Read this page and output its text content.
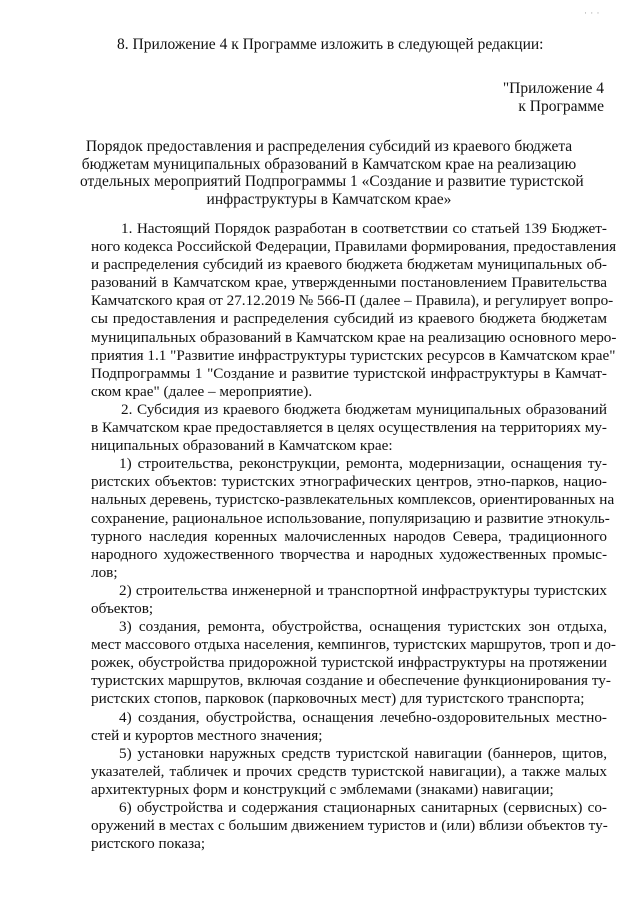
· · ·
8. Приложение 4 к Программе изложить в следующей редакции:
"Приложение 4
к Программе
Порядок предоставления и распределения субсидий из краевого бюджета
бюджетам муниципальных образований в Камчатском крае на реализацию
отдельных мероприятий Подпрограммы 1 «Создание и развитие туристской
инфраструктуры в Камчатском крае»
1. Настоящий Порядок разработан в соответствии со статьей 139 Бюджет-
ного кодекса Российской Федерации, Правилами формирования, предоставления
и распределения субсидий из краевого бюджета бюджетам муниципальных об-
разований в Камчатском крае, утвержденными постановлением Правительства
Камчатского края от 27.12.2019 № 566-П (далее – Правила), и регулирует вопро-
сы предоставления и распределения субсидий из краевого бюджета бюджетам
муниципальных образований в Камчатском крае на реализацию основного меро-
приятия 1.1 "Развитие инфраструктуры туристских ресурсов в Камчатском крае"
Подпрограммы 1 "Создание и развитие туристской инфраструктуры в Камчат-
ском крае" (далее – мероприятие).
2. Субсидия из краевого бюджета бюджетам муниципальных образований
в Камчатском крае предоставляется в целях осуществления на территориях му-
ниципальных образований в Камчатском крае:
1) строительства, реконструкции, ремонта, модернизации, оснащения ту-
ристских объектов: туристских этнографических центров, этно-парков, нацио-
нальных деревень, туристско-развлекательных комплексов, ориентированных на
сохранение, рациональное использование, популяризацию и развитие этнокуль-
турного наследия коренных малочисленных народов Севера, традиционного
народного художественного творчества и народных художественных промыс-
лов;
2) строительства инженерной и транспортной инфраструктуры туристских
объектов;
3) создания, ремонта, обустройства, оснащения туристских зон отдыха,
мест массового отдыха населения, кемпингов, туристских маршрутов, троп и до-
рожек, обустройства придорожной туристской инфраструктуры на протяжении
туристских маршрутов, включая создание и обеспечение функционирования ту-
ристских стопов, парковок (парковочных мест) для туристского транспорта;
4) создания, обустройства, оснащения лечебно-оздоровительных местно-
стей и курортов местного значения;
5) установки наружных средств туристской навигации (баннеров, щитов,
указателей, табличек и прочих средств туристской навигации), а также малых
архитектурных форм и конструкций с эмблемами (знаками) навигации;
6) обустройства и содержания стационарных санитарных (сервисных) со-
оружений в местах с большим движением туристов и (или) вблизи объектов ту-
ристского показа;
